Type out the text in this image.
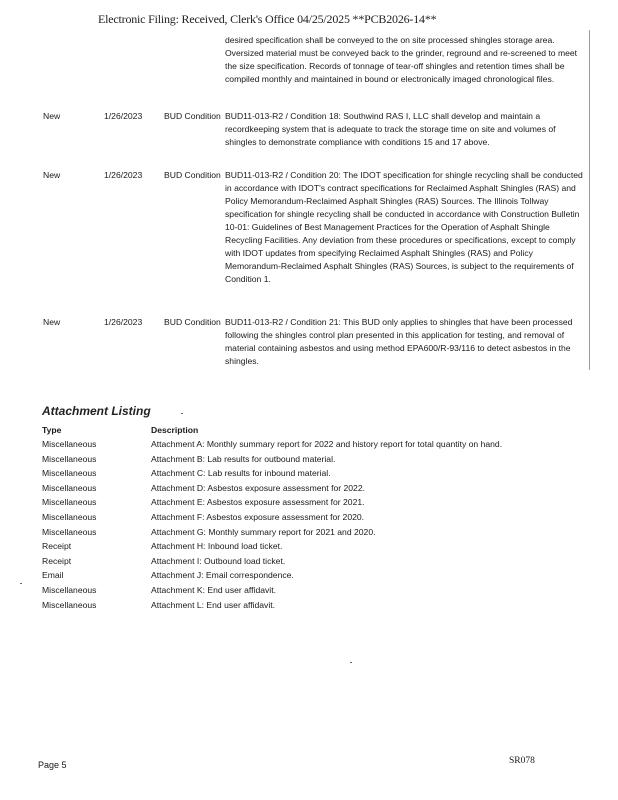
Electronic Filing: Received, Clerk's Office 04/25/2025 **PCB2026-14**
desired specification shall be conveyed to the on site processed shingles storage area. Oversized material must be conveyed back to the grinder, reground and re-screened to meet the size specification. Records of tonnage of tear-off shingles and retention times shall be compiled monthly and maintained in bound or electronically imaged chronological files.
New	1/26/2023	BUD Condition BUD11-013-R2 / Condition 18: Southwind RAS I, LLC shall develop and maintain a recordkeeping system that is adequate to track the storage time on site and volumes of shingles to demonstrate compliance with conditions 15 and 17 above.
New	1/26/2023	BUD Condition BUD11-013-R2 / Condition 20: The IDOT specification for shingle recycling shall be conducted in accordance with IDOT's contract specifications for Reclaimed Asphalt Shingles (RAS) and Policy Memorandum-Reclaimed Asphalt Shingles (RAS) Sources. The Illinois Tollway specification for shingle recycling shall be conducted in accordance with Construction Bulletin 10-01: Guidelines of Best Management Practices for the Operation of Asphalt Shingle Recycling Facilities. Any deviation from these procedures or specifications, except to comply with IDOT updates from specifying Reclaimed Asphalt Shingles (RAS) and Policy Memorandum-Reclaimed Asphalt Shingles (RAS) Sources, is subject to the requirements of Condition 1.
New	1/26/2023	BUD Condition BUD11-013-R2 / Condition 21: This BUD only applies to shingles that have been processed following the shingles control plan presented in this application for testing, and removal of material containing asbestos and using method EPA600/R-93/116 to detect asbestos in the shingles.
Attachment Listing
Type	Description
Miscellaneous	Attachment A: Monthly summary report for 2022 and history report for total quantity on hand.
Miscellaneous	Attachment B: Lab results for outbound material.
Miscellaneous	Attachment C: Lab results for inbound material.
Miscellaneous	Attachment D: Asbestos exposure assessment for 2022.
Miscellaneous	Attachment E: Asbestos exposure assessment for 2021.
Miscellaneous	Attachment F: Asbestos exposure assessment for 2020.
Miscellaneous	Attachment G: Monthly summary report for 2021 and 2020.
Receipt	Attachment H: Inbound load ticket.
Receipt	Attachment I: Outbound load ticket.
Email	Attachment J: Email correspondence.
Miscellaneous	Attachment K: End user affidavit.
Miscellaneous	Attachment L: End user affidavit.
Page 5	SR078
